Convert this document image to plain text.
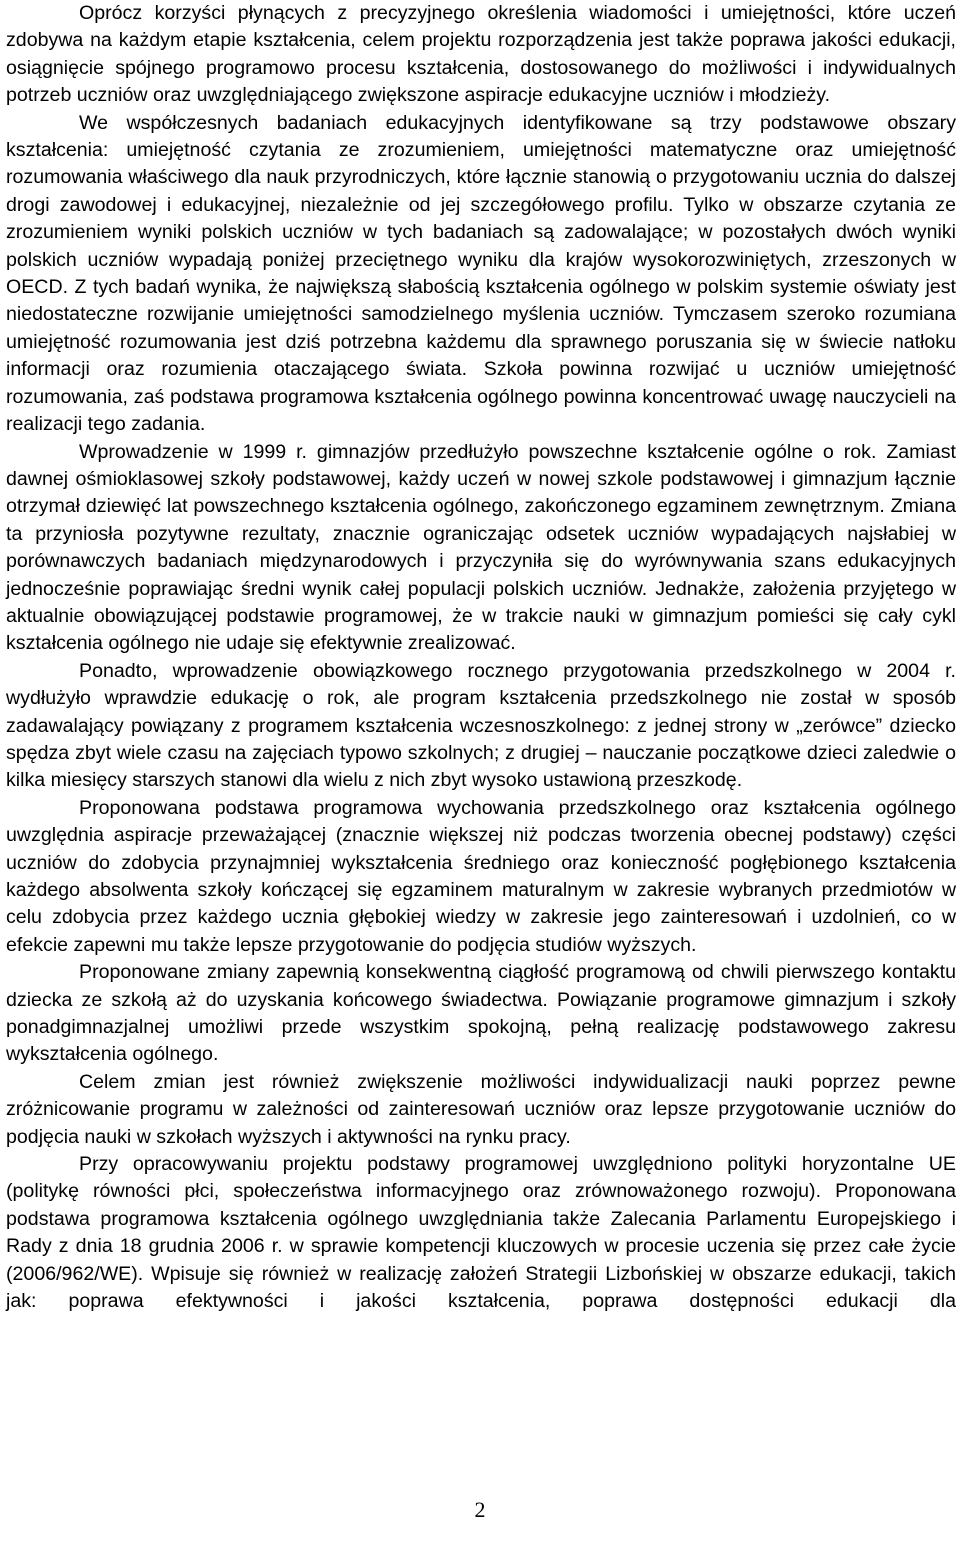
Oprócz korzyści płynących z precyzyjnego określenia wiadomości i umiejętności, które uczeń zdobywa na każdym etapie kształcenia, celem projektu rozporządzenia jest także poprawa jakości edukacji, osiągnięcie spójnego programowo procesu kształcenia, dostosowanego do możliwości i indywidualnych potrzeb uczniów oraz uwzględniającego zwiększone aspiracje edukacyjne uczniów i młodzieży.

We współczesnych badaniach edukacyjnych identyfikowane są trzy podstawowe obszary kształcenia: umiejętność czytania ze zrozumieniem, umiejętności matematyczne oraz umiejętność rozumowania właściwego dla nauk przyrodniczych, które łącznie stanowią o przygotowaniu ucznia do dalszej drogi zawodowej i edukacyjnej, niezależnie od jej szczegółowego profilu. Tylko w obszarze czytania ze zrozumieniem wyniki polskich uczniów w tych badaniach są zadowalające; w pozostałych dwóch wyniki polskich uczniów wypadają poniżej przeciętnego wyniku dla krajów wysokorozwiniętych, zrzeszonych w OECD. Z tych badań wynika, że największą słabością kształcenia ogólnego w polskim systemie oświaty jest niedostateczne rozwijanie umiejętności samodzielnego myślenia uczniów. Tymczasem szeroko rozumiana umiejętność rozumowania jest dziś potrzebna każdemu dla sprawnego poruszania się w świecie natłoku informacji oraz rozumienia otaczającego świata. Szkoła powinna rozwijać u uczniów umiejętność rozumowania, zaś podstawa programowa kształcenia ogólnego powinna koncentrować uwagę nauczycieli na realizacji tego zadania.

Wprowadzenie w 1999 r. gimnazjów przedłużyło powszechne kształcenie ogólne o rok. Zamiast dawnej ośmioklasowej szkoły podstawowej, każdy uczeń w nowej szkole podstawowej i gimnazjum łącznie otrzymał dziewięć lat powszechnego kształcenia ogólnego, zakończonego egzaminem zewnętrznym. Zmiana ta przyniosła pozytywne rezultaty, znacznie ograniczając odsetek uczniów wypadających najsłabiej w porównawczych badaniach międzynarodowych i przyczyniła się do wyrównywania szans edukacyjnych jednocześnie poprawiając średni wynik całej populacji polskich uczniów. Jednakże, założenia przyjętego w aktualnie obowiązującej podstawie programowej, że w trakcie nauki w gimnazjum pomieści się cały cykl kształcenia ogólnego nie udaje się efektywnie zrealizować.

Ponadto, wprowadzenie obowiązkowego rocznego przygotowania przedszkolnego w 2004 r. wydłużyło wprawdzie edukację o rok, ale program kształcenia przedszkolnego nie został w sposób zadawalający powiązany z programem kształcenia wczesnoszkolnego: z jednej strony w „zerówce” dziecko spędza zbyt wiele czasu na zajęciach typowo szkolnych; z drugiej – nauczanie początkowe dzieci zaledwie o kilka miesięcy starszych stanowi dla wielu z nich zbyt wysoko ustawioną przeszkodę.

Proponowana podstawa programowa wychowania przedszkolnego oraz kształcenia ogólnego uwzględnia aspiracje przeważającej (znacznie większej niż podczas tworzenia obecnej podstawy) części uczniów do zdobycia przynajmniej wykształcenia średniego oraz konieczność pogłębionego kształcenia każdego absolwenta szkoły kończącej się egzaminem maturalnym w zakresie wybranych przedmiotów w celu zdobycia przez każdego ucznia głębokiej wiedzy w zakresie jego zainteresowań i uzdolnień, co w efekcie zapewni mu także lepsze przygotowanie do podjęcia studiów wyższych.

Proponowane zmiany zapewnią konsekwentną ciągłość programową od chwili pierwszego kontaktu dziecka ze szkołą aż do uzyskania końcowego świadectwa. Powiązanie programowe gimnazjum i szkoły ponadgimnazjalnej umożliwi przede wszystkim spokojną, pełną realizację podstawowego zakresu wykształcenia ogólnego.

Celem zmian jest również zwiększenie możliwości indywidualizacji nauki poprzez pewne zróżnicowanie programu w zależności od zainteresowań uczniów oraz lepsze przygotowanie uczniów do podjęcia nauki w szkołach wyższych i aktywności na rynku pracy.

Przy opracowywaniu projektu podstawy programowej uwzględniono polityki horyzontalne UE (politykę równości płci, społeczeństwa informacyjnego oraz zrównoważonego rozwoju). Proponowana podstawa programowa kształcenia ogólnego uwzględniania także Zalecania Parlamentu Europejskiego i Rady z dnia 18 grudnia 2006 r. w sprawie kompetencji kluczowych w procesie uczenia się przez całe życie (2006/962/WE). Wpisuje się również w realizację założeń Strategii Lizbońskiej w obszarze edukacji, takich jak: poprawa efektywności i jakości kształcenia, poprawa dostępności edukacji dla

2
